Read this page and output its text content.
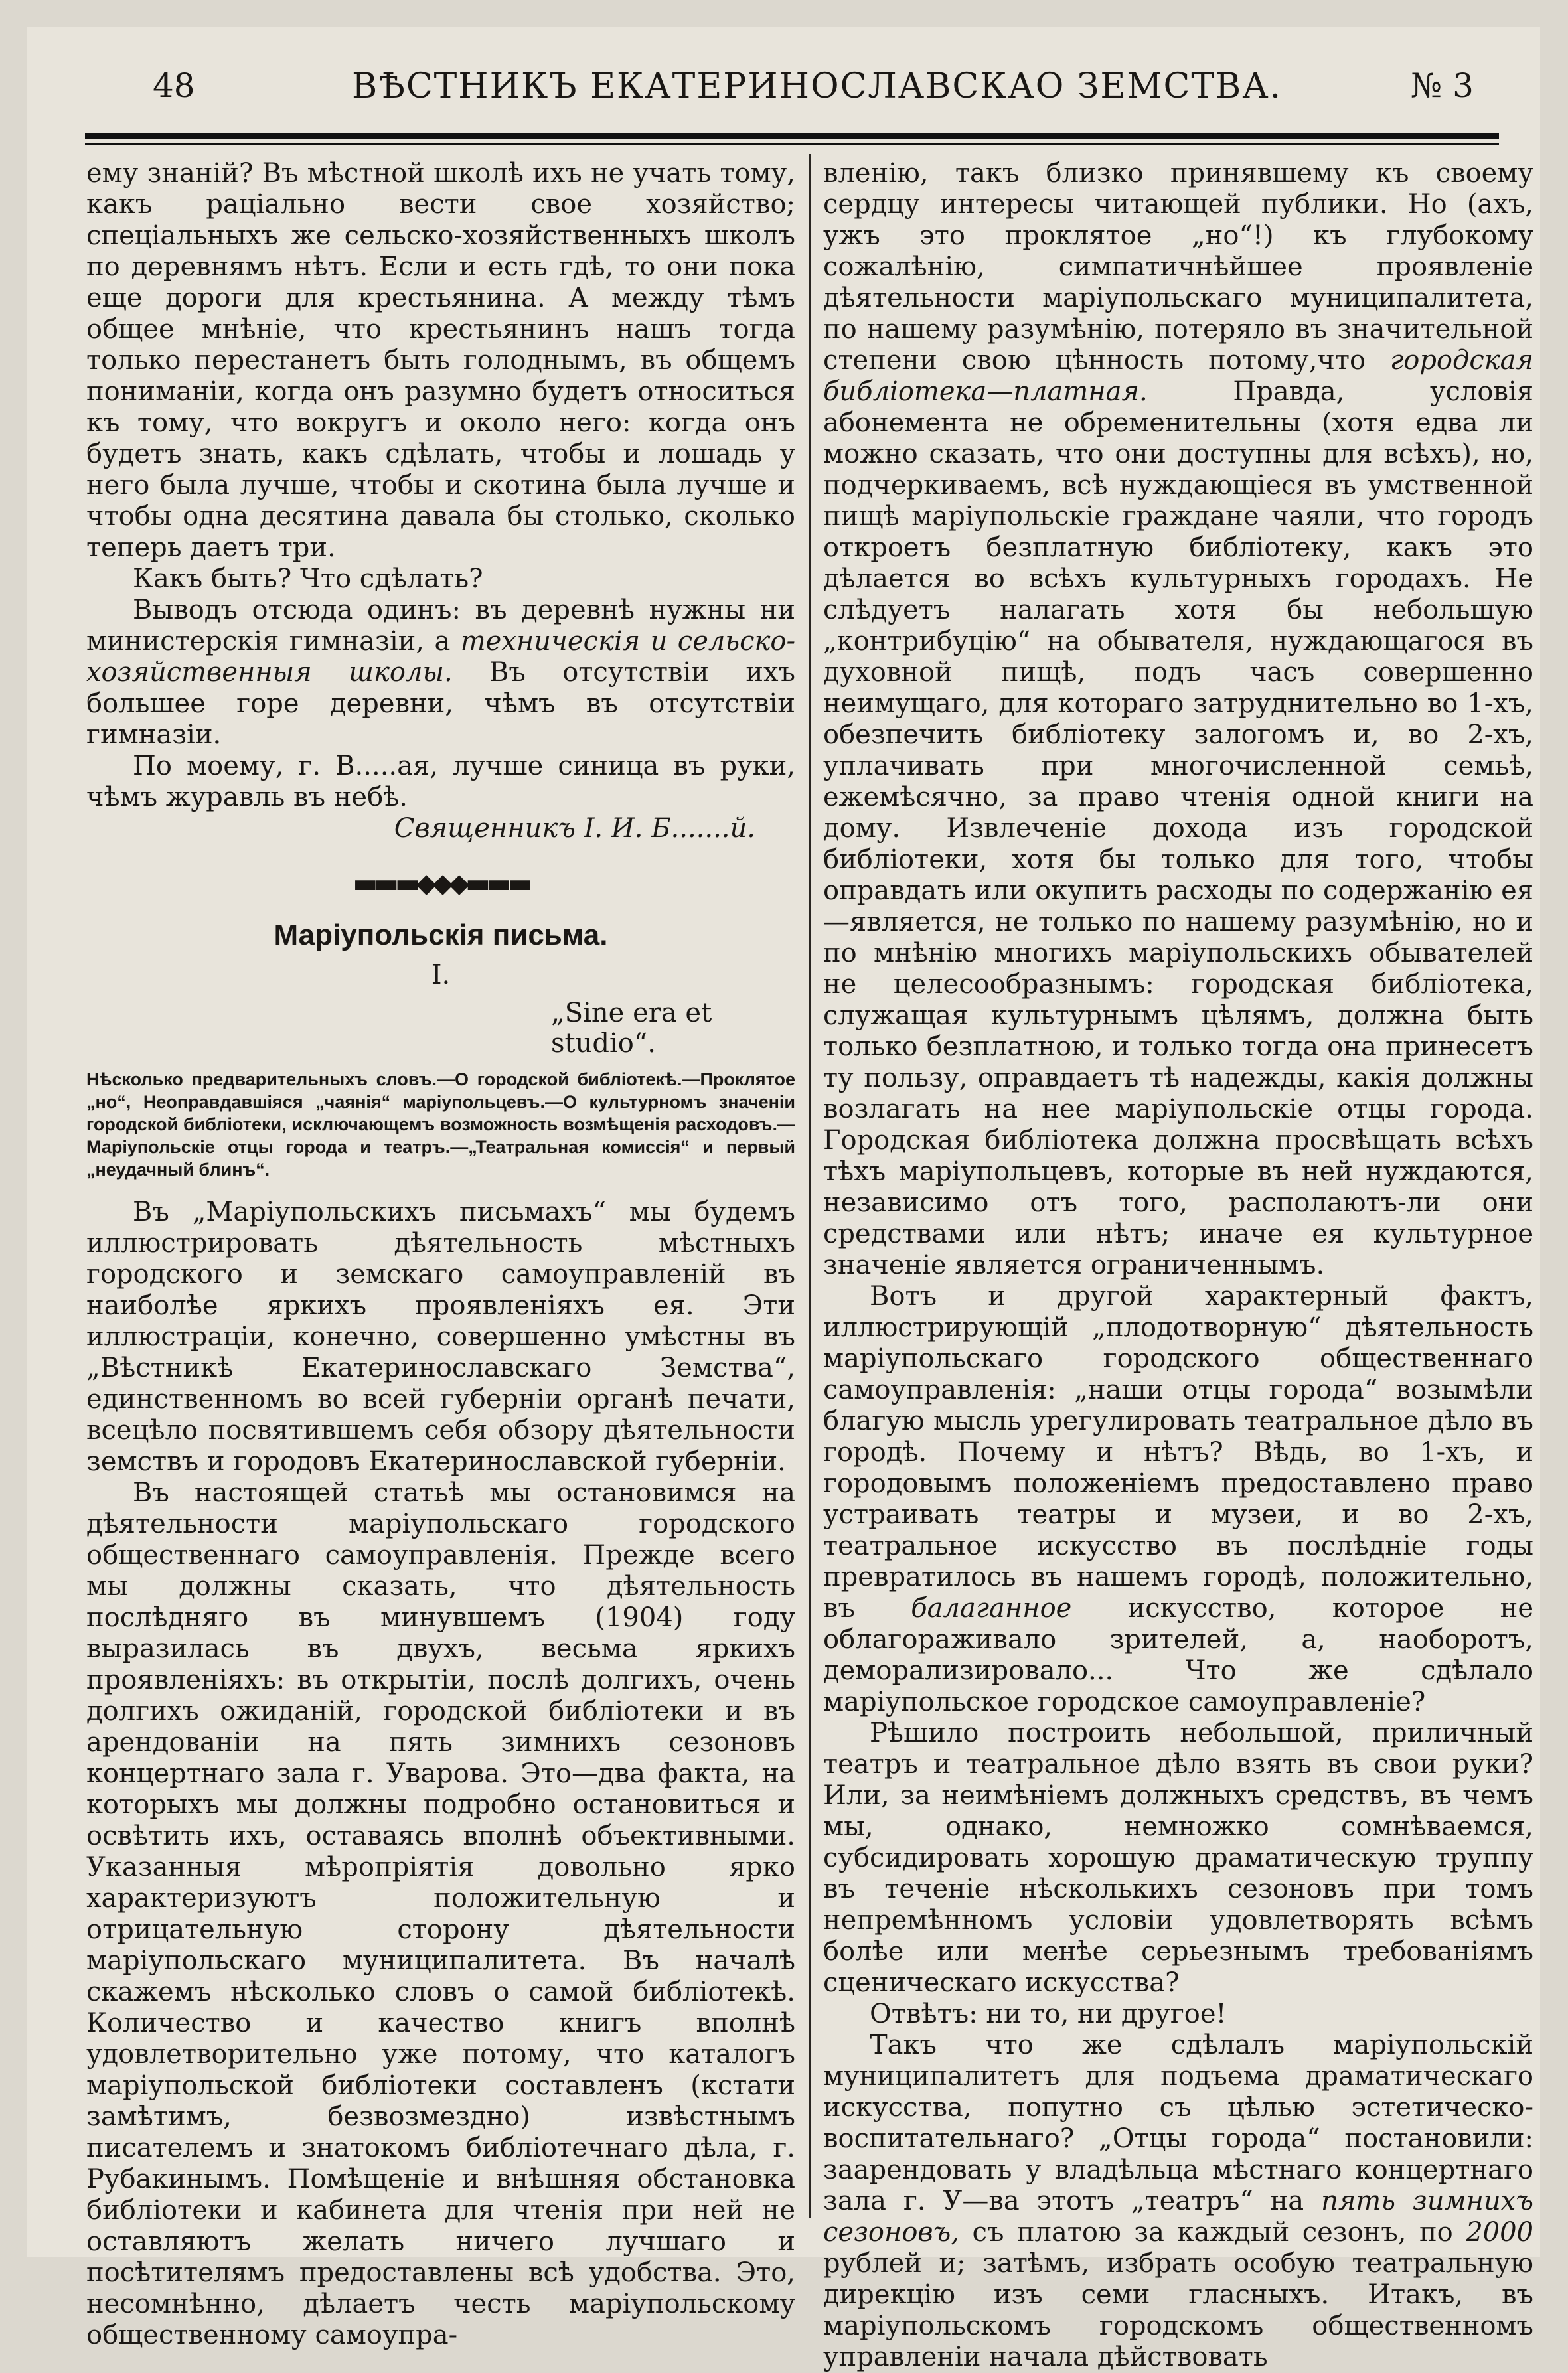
48	ВѢСТНИКЪ ЕКАТЕРИНОСЛАВСКАО ЗЕМСТВА.	№ 3

ему знаній? Въ мѣстной школѣ ихъ не учать тому, какъ раціально вести свое хозяйство; спеціальныхъ же сельско-хозяйственныхъ школъ по деревнямъ нѣтъ. Если и есть гдѣ, то они пока еще дороги для крестьянина. А между тѣмъ общее мнѣніе, что крестьянинъ нашъ тогда только перестанетъ быть голоднымъ, въ общемъ пониманіи, когда онъ разумно будетъ относиться къ тому, что вокругъ и около него: когда онъ будетъ знать, какъ сдѣлать, чтобы и лошадь у него была лучше, чтобы и скотина была лучше и чтобы одна десятина давала бы столько, сколько теперь даетъ три.

Какъ быть? Что сдѣлать?

Выводъ отсюда одинъ: въ деревнѣ нужны ни министерскія гимназіи, а техническія и сельско-хозяйственныя школы. Въ отсутствіи ихъ большее горе деревни, чѣмъ въ отсутствіи гимназіи.

По моему, г. В.....ая, лучше синица въ руки, чѣмъ журавль въ небѣ.

Священникъ І. И. Б.......й.

▬▬▬◆◆◆▬▬▬
Маріупольскія письма.
I.
„Sine era et studio“.
Нѣсколько предварительныхъ словъ.—О городской библіотекѣ.—Проклятое „но“, Неоправдавшіяся „чаянія“ маріупольцевъ.—О культурномъ значеніи городской библіотеки, исключающемъ возможность возмѣщенія расходовъ.—Маріупольскіе отцы города и театръ.—„Театральная комиссія“ и первый „неудачный блинъ“.

Въ „Маріупольскихъ письмахъ“ мы будемъ иллюстрировать дѣятельность мѣстныхъ городского и земскаго самоуправленій въ наиболѣе яркихъ проявленіяхъ ея. Эти иллюстраціи, конечно, совершенно умѣстны въ „Вѣстникѣ Екатеринославскаго Земства“, единственномъ во всей губерніи органѣ печати, всецѣло посвятившемъ себя обзору дѣятельности земствъ и городовъ Екатеринославской губерніи.

Въ настоящей статьѣ мы остановимся на дѣятельности маріупольскаго городского общественнаго самоуправленія. Прежде всего мы должны сказать, что дѣятельность послѣдняго въ минувшемъ (1904) году выразилась въ двухъ, весьма яркихъ проявленіяхъ: въ открытіи, послѣ долгихъ, очень долгихъ ожиданій, городской библіотеки и въ арендованіи на пять зимнихъ сезоновъ концертнаго зала г. Уварова. Это—два факта, на которыхъ мы должны подробно остановиться и освѣтить ихъ, оставаясь вполнѣ объективными. Указанныя мѣропріятія довольно ярко характеризуютъ положительную и отрицательную сторону дѣятельности маріупольскаго муниципалитета. Въ началѣ скажемъ нѣсколько словъ о самой библіотекѣ. Количество и качество книгъ вполнѣ удовлетворительно уже потому, что каталогъ маріупольской библіотеки составленъ (кстати замѣтимъ, безвозмездно) извѣстнымъ писателемъ и знатокомъ библіотечнаго дѣла, г. Рубакинымъ. Помѣщеніе и внѣшняя обстановка библіотеки и кабинета для чтенія при ней не оставляютъ желать ничего лучшаго и посѣтителямъ предоставлены всѣ удобства. Это, несомнѣнно, дѣлаетъ честь маріупольскому общественному самоупра-

вленію, такъ близко принявшему къ своему сердцу интересы читающей публики. Но (ахъ, ужъ это проклятое „но“!) къ глубокому сожалѣнію, симпатичнѣйшее проявленіе дѣятельности маріупольскаго муниципалитета, по нашему разумѣнію, потеряло въ значительной степени свою цѣнность потому,что городская библіотека—платная. Правда, условія абонемента не обременительны (хотя едва ли можно сказать, что они доступны для всѣхъ), но, подчеркиваемъ, всѣ нуждающіеся въ умственной пищѣ маріупольскіе граждане чаяли, что городъ откроетъ безплатную библіотеку, какъ это дѣлается во всѣхъ культурныхъ городахъ. Не слѣдуетъ налагать хотя бы небольшую „контрибуцію“ на обывателя, нуждающагося въ духовной пищѣ, подъ часъ совершенно неимущаго, для котораго затруднительно во 1-хъ, обезпечить библіотеку залогомъ и, во 2-хъ, уплачивать при многочисленной семьѣ, ежемѣсячно, за право чтенія одной книги на дому. Извлеченіе дохода изъ городской библіотеки, хотя бы только для того, чтобы оправдать или окупить расходы по содержанію ея—является, не только по нашему разумѣнію, но и по мнѣнію многихъ маріупольскихъ обывателей не целесообразнымъ: городская библіотека, служащая культурнымъ цѣлямъ, должна быть только безплатною, и только тогда она принесетъ ту пользу, оправдаетъ тѣ надежды, какія должны возлагать на нее маріупольскіе отцы города. Городская библіотека должна просвѣщать всѣхъ тѣхъ маріупольцевъ, которые въ ней нуждаются, независимо отъ того, располаютъ-ли они средствами или нѣтъ; иначе ея культурное значеніе является ограниченнымъ.

Вотъ и другой характерный фактъ, иллюстрирующій „плодотворную“ дѣятельность маріупольскаго городского общественнаго самоуправленія: „наши отцы города“ возымѣли благую мысль урегулировать театральное дѣло въ городѣ. Почему и нѣтъ? Вѣдь, во 1-хъ, и городовымъ положеніемъ предоставлено право устраивать театры и музеи, и во 2-хъ, театральное искусство въ послѣдніе годы превратилось въ нашемъ городѣ, положительно, въ балаганное искусство, которое не облагораживало зрителей, а, наоборотъ, деморализировало... Что же сдѣлало маріупольское городское самоуправленіе?

Рѣшило построить небольшой, приличный театръ и театральное дѣло взять въ свои руки? Или, за неимѣніемъ должныхъ средствъ, въ чемъ мы, однако, немножко сомнѣваемся, субсидировать хорошую драматическую труппу въ теченіе нѣсколькихъ сезоновъ при томъ непремѣнномъ условіи удовлетворять всѣмъ болѣе или менѣе серьезнымъ требованіямъ сценическаго искусства?

Отвѣтъ: ни то, ни другое!

Такъ что же сдѣлалъ маріупольскій муниципалитетъ для подъема драматическаго искусства, попутно съ цѣлью эстетическо-воспитательнаго? „Отцы города“ постановили: заарендовать у владѣльца мѣстнаго концертнаго зала г. У—ва этотъ „театръ“ на пять зимнихъ сезоновъ, съ платою за каждый сезонъ, по 2000 рублей и; затѣмъ, избрать особую театральную дирекцію изъ семи гласныхъ. Итакъ, въ маріупольскомъ городскомъ общественномъ управленіи начала дѣйствовать
